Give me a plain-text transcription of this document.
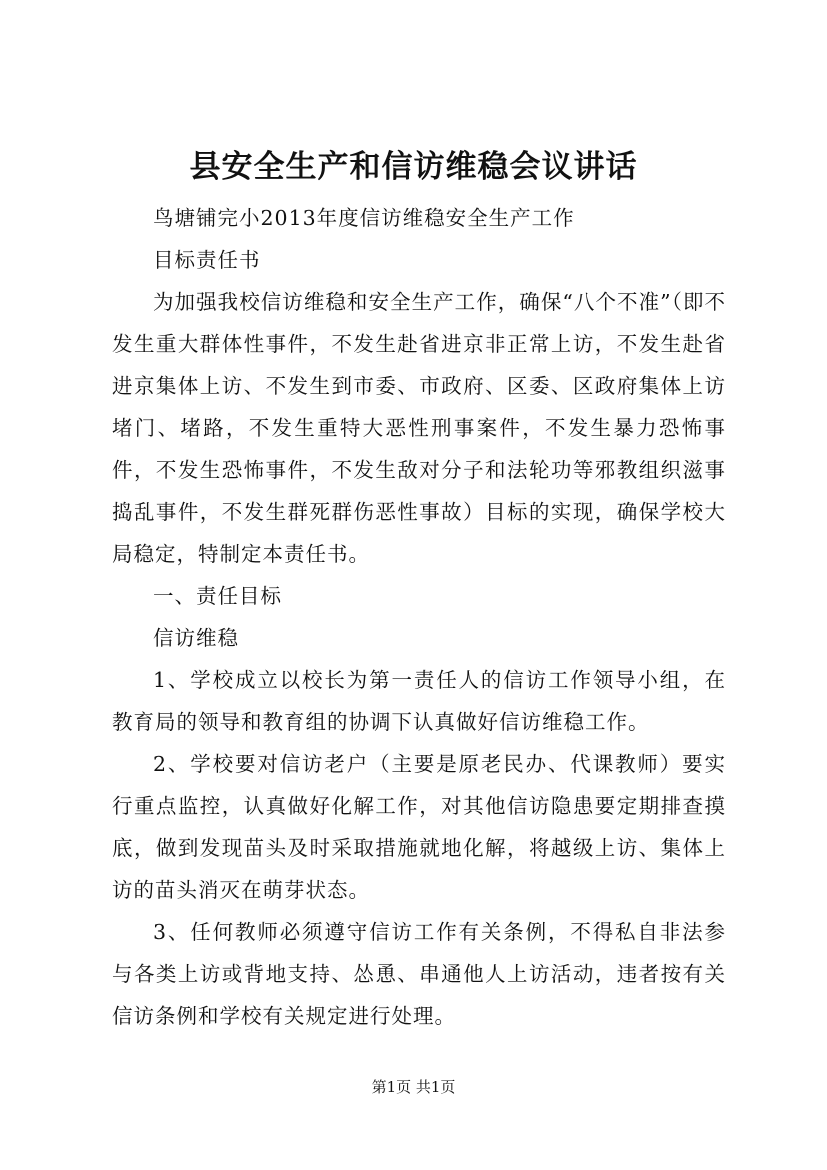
县安全生产和信访维稳会议讲话

鸟塘铺完小2013年度信访维稳安全生产工作

目标责任书

为加强我校信访维稳和安全生产工作，确保“八个不准”（即不发生重大群体性事件，不发生赴省进京非正常上访，不发生赴省进京集体上访、不发生到市委、市政府、区委、区政府集体上访堵门、堵路，不发生重特大恶性刑事案件，不发生暴力恐怖事件，不发生恐怖事件，不发生敌对分子和法轮功等邪教组织滋事捣乱事件，不发生群死群伤恶性事故）目标的实现，确保学校大局稳定，特制定本责任书。

一、责任目标

信访维稳

1、学校成立以校长为第一责任人的信访工作领导小组，在教育局的领导和教育组的协调下认真做好信访维稳工作。

2、学校要对信访老户（主要是原老民办、代课教师）要实行重点监控，认真做好化解工作，对其他信访隐患要定期排查摸底，做到发现苗头及时采取措施就地化解，将越级上访、集体上访的苗头消灭在萌芽状态。

3、任何教师必须遵守信访工作有关条例，不得私自非法参与各类上访或背地支持、怂恿、串通他人上访活动，违者按有关信访条例和学校有关规定进行处理。

第1页 共1页
